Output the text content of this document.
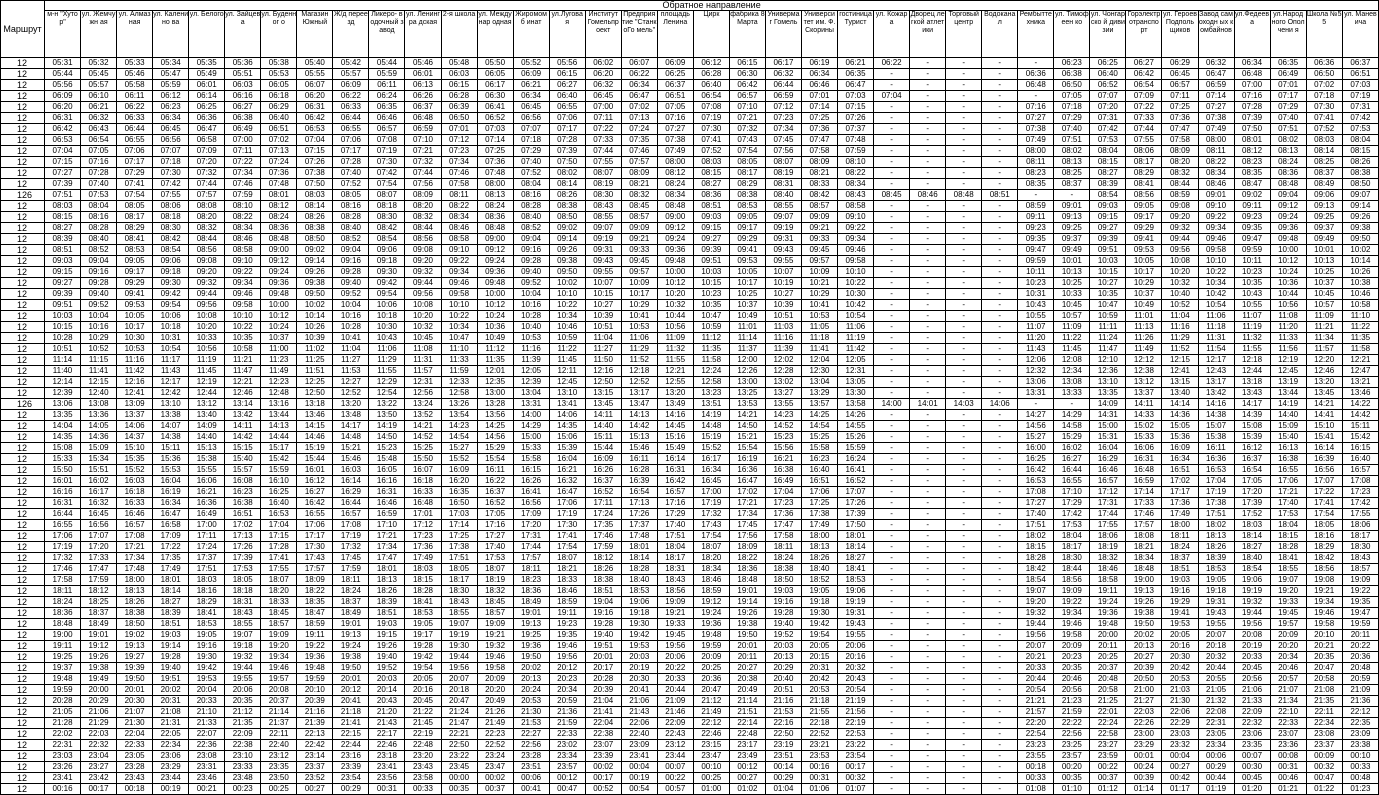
Маршрут	Обратное направление																																				
	м-н "Хутор"	ул. Жемчужн ая	ул. Алмазная	ул. Каленино ва	ул. Белого	ул. Зайцева	ул. Буденног о	Магазин Южный	Ж/д переезд	Ликеро- водочный завод	ул. Ленингра дская	2-я школа	ул. Междунар одная	Жиромомб инат	ул.Луговa я	Институт Гомельпр оект	Предприя тие "СтанкоГо мель"	площадь Ленина	Цирк	фабрика 8 Марта	Универма г Гомель	Универси тет им. Ф. Скорины	гостиница Турист	ул. Кожара	Дворец легкой атлетики	Торговый центр	Водокана л	Рембытте хника	ул. Тимофеен ко	ул. Чонгарско й дивизии	Горэлектр отранспо рт	ул. Героев Подполь щиков	Завод самоходн ых комбайнов	ул.Федеев а	ул.Народ ного Ополчени я	Школа №55	ул. Маневича
12	05:31	05:32	05:33	05:34	05:35	05:36	05:38	05:40	05:42	05:44	05:46	05:48	05:50	05:52	05:56	06:02	06:07	06:09	06:12	06:15	06:17	06:19	06:21	06:22	-	-	-	-	06:23	06:25	06:27	06:29	06:32	06:34	06:35	06:36	06:37
12	05:44	05:45	05:46	05:47	05:49	05:51	05:53	05:55	05:57	05:59	06:01	06:03	06:05	06:09	06:15	06:20	06:22	06:25	06:28	06:30	06:32	06:34	06:35	-	-	-	-	06:36	06:38	06:40	06:42	06:45	06:47	06:48	06:49	06:50	06:51
12	05:56	05:57	05:58	05:59	06:01	06:03	06:05	06:07	06:09	06:11	06:13	06:15	06:17	06:21	06:27	06:32	06:34	06:37	06:40	06:42	06:44	06:46	06:47	-	-	-	-	06:48	06:50	06:52	06:54	06:57	06:59	07:00	07:01	07:02	07:03
12	06:09	06:10	06:11	06:12	06:14	06:16	06:18	06:20	06:22	06:24	06:26	06:28	06:30	06:34	06:40	06:45	06:47	06:51	06:54	06:57	06:59	07:01	07:03	07:04	-	-	-	-	07:05	07:07	07:09	07:11	07:14	07:16	07:17	07:18	07:19
12	06:20	06:21	06:22	06:23	06:25	06:27	06:29	06:31	06:33	06:35	06:37	06:39	06:41	06:45	06:55	07:00	07:02	07:05	07:08	07:10	07:12	07:14	07:15	-	-	-	-	07:16	07:18	07:20	07:22	07:25	07:27	07:28	07:29	07:30	07:31
12	06:31	06:32	06:33	06:34	06:36	06:38	06:40	06:42	06:44	06:46	06:48	06:50	06:52	06:56	07:06	07:11	07:13	07:16	07:19	07:21	07:23	07:25	07:26	-	-	-	-	07:27	07:29	07:31	07:33	07:36	07:38	07:39	07:40	07:41	07:42
12	06:42	06:43	06:44	06:45	06:47	06:49	06:51	06:53	06:55	06:57	06:59	07:01	07:03	07:07	07:17	07:22	07:24	07:27	07:30	07:32	07:34	07:36	07:37	-	-	-	-	07:38	07:40	07:42	07:44	07:47	07:49	07:50	07:51	07:52	07:53
12	06:53	06:54	06:55	06:56	06:58	07:00	07:02	07:04	07:06	07:08	07:10	07:12	07:14	07:18	07:28	07:33	07:35	07:38	07:41	07:43	07:45	07:47	07:48	-	-	-	-	07:49	07:51	07:53	07:55	07:58	08:00	08:01	08:02	08:03	08:04
12	07:04	07:05	07:06	07:07	07:09	07:11	07:13	07:15	07:17	07:19	07:21	07:23	07:25	07:29	07:39	07:44	07:46	07:49	07:52	07:54	07:56	07:58	07:59	-	-	-	-	08:00	08:02	08:04	08:06	08:09	08:11	08:12	08:13	08:14	08:15
12	07:15	07:16	07:17	07:18	07:20	07:22	07:24	07:26	07:28	07:30	07:32	07:34	07:36	07:40	07:50	07:55	07:57	08:00	08:03	08:05	08:07	08:09	08:10	-	-	-	-	08:11	08:13	08:15	08:17	08:20	08:22	08:23	08:24	08:25	08:26
12	07:27	07:28	07:29	07:30	07:32	07:34	07:36	07:38	07:40	07:42	07:44	07:46	07:48	07:52	08:02	08:07	08:09	08:12	08:15	08:17	08:19	08:21	08:22	-	-	-	-	08:23	08:25	08:27	08:29	08:32	08:34	08:35	08:36	08:37	08:38
12	07:39	07:40	07:41	07:42	07:44	07:46	07:48	07:50	07:52	07:54	07:56	07:58	08:00	08:04	08:14	08:19	08:21	08:24	08:27	08:29	08:31	08:33	08:34	-	-	-	-	08:35	08:37	08:39	08:41	08:44	08:46	08:47	08:48	08:49	08:50
126	07:51	07:53	07:54	07:55	07:57	07:59	08:01	08:03	08:05	08:07	08:09	08:11	08:13	08:16	08:26	08:30	08:32	08:34	08:36	08:38	08:40	08:42	08:43	08:45	08:46	08:48	08:51	-	-	08:54	08:56	08:59	09:01	09:02	09:04	09:06	09:07
12	08:03	08:04	08:05	08:06	08:08	08:10	08:12	08:14	08:16	08:18	08:20	08:22	08:24	08:28	08:38	08:43	08:45	08:48	08:51	08:53	08:55	08:57	08:58	-	-	-	-	08:59	09:01	09:03	09:05	09:08	09:10	09:11	09:12	09:13	09:14
12	08:15	08:16	08:17	08:18	08:20	08:22	08:24	08:26	08:28	08:30	08:32	08:34	08:36	08:40	08:50	08:55	08:57	09:00	09:03	09:05	09:07	09:09	09:10	-	-	-	-	09:11	09:13	09:15	09:17	09:20	09:22	09:23	09:24	09:25	09:26
12	08:27	08:28	08:29	08:30	08:32	08:34	08:36	08:38	08:40	08:42	08:44	08:46	08:48	08:52	09:02	09:07	09:09	09:12	09:15	09:17	09:19	09:21	09:22	-	-	-	-	09:23	09:25	09:27	09:29	09:32	09:34	09:35	09:36	09:37	09:38
12	08:39	08:40	08:41	08:42	08:44	08:46	08:48	08:50	08:52	08:54	08:56	08:58	09:00	09:04	09:14	09:19	09:21	09:24	09:27	09:29	09:31	09:33	09:34	-	-	-	-	09:35	09:37	09:39	09:41	09:44	09:46	09:47	09:48	09:49	09:50
12	08:51	08:52	08:53	08:54	08:56	08:58	09:00	09:02	09:04	09:06	09:08	09:10	09:12	09:16	09:26	09:31	09:33	09:36	09:39	09:41	09:43	09:45	09:46	-	-	-	-	09:47	09:49	09:51	09:53	09:56	09:58	09:59	10:00	10:01	10:02
12	09:03	09:04	09:05	09:06	09:08	09:10	09:12	09:14	09:16	09:18	09:20	09:22	09:24	09:28	09:38	09:43	09:45	09:48	09:51	09:53	09:55	09:57	09:58	-	-	-	-	09:59	10:01	10:03	10:05	10:08	10:10	10:11	10:12	10:13	10:14
12	09:15	09:16	09:17	09:18	09:20	09:22	09:24	09:26	09:28	09:30	09:32	09:34	09:36	09:40	09:50	09:55	09:57	10:00	10:03	10:05	10:07	10:09	10:10	-	-	-	-	10:11	10:13	10:15	10:17	10:20	10:22	10:23	10:24	10:25	10:26
12	09:27	09:28	09:29	09:30	09:32	09:34	09:36	09:38	09:40	09:42	09:44	09:46	09:48	09:52	10:02	10:07	10:09	10:12	10:15	10:17	10:19	10:21	10:22	-	-	-	-	10:23	10:25	10:27	10:29	10:32	10:34	10:35	10:36	10:37	10:38
12	09:39	09:40	09:41	09:42	09:44	09:46	09:48	09:50	09:52	09:54	09:56	09:58	10:00	10:04	10:10	10:15	10:17	10:20	10:23	10:25	10:27	10:29	10:30	-	-	-	-	10:31	10:33	10:35	10:37	10:40	10:42	10:43	10:44	10:45	10:46
12	09:51	09:52	09:53	09:54	09:56	09:58	10:00	10:02	10:04	10:06	10:08	10:10	10:12	10:16	10:22	10:27	10:29	10:32	10:35	10:37	10:39	10:41	10:42	-	-	-	-	10:43	10:45	10:47	10:49	10:52	10:54	10:55	10:56	10:57	10:58
12	10:03	10:04	10:05	10:06	10:08	10:10	10:12	10:14	10:16	10:18	10:20	10:22	10:24	10:28	10:34	10:39	10:41	10:44	10:47	10:49	10:51	10:53	10:54	-	-	-	-	10:55	10:57	10:59	11:01	11:04	11:06	11:07	11:08	11:09	11:10
12	10:15	10:16	10:17	10:18	10:20	10:22	10:24	10:26	10:28	10:30	10:32	10:34	10:36	10:40	10:46	10:51	10:53	10:56	10:59	11:01	11:03	11:05	11:06	-	-	-	-	11:07	11:09	11:11	11:13	11:16	11:18	11:19	11:20	11:21	11:22
12	10:28	10:29	10:30	10:31	10:33	10:35	10:37	10:39	10:41	10:43	10:45	10:47	10:49	10:53	10:59	11:04	11:06	11:09	11:12	11:14	11:16	11:18	11:19	-	-	-	-	11:20	11:22	11:24	11:26	11:29	11:31	11:32	11:33	11:34	11:35
12	10:51	10:52	10:53	10:54	10:56	10:58	11:00	11:02	11:04	11:06	11:08	11:10	11:12	11:16	11:22	11:27	11:29	11:32	11:35	11:37	11:39	11:41	11:42	-	-	-	-	11:43	11:45	11:47	11:49	11:52	11:54	11:55	11:56	11:57	11:58
12	11:14	11:15	11:16	11:17	11:19	11:21	11:23	11:25	11:27	11:29	11:31	11:33	11:35	11:39	11:45	11:50	11:52	11:55	11:58	12:00	12:02	12:04	12:05	-	-	-	-	12:06	12:08	12:10	12:12	12:15	12:17	12:18	12:19	12:20	12:21
12	11:40	11:41	11:42	11:43	11:45	11:47	11:49	11:51	11:53	11:55	11:57	11:59	12:01	12:05	12:11	12:16	12:18	12:21	12:24	12:26	12:28	12:30	12:31	-	-	-	-	12:32	12:34	12:36	12:38	12:41	12:43	12:44	12:45	12:46	12:47
12	12:14	12:15	12:16	12:17	12:19	12:21	12:23	12:25	12:27	12:29	12:31	12:33	12:35	12:39	12:45	12:50	12:52	12:55	12:58	13:00	13:02	13:04	13:05	-	-	-	-	13:06	13:08	13:10	13:12	13:15	13:17	13:18	13:19	13:20	13:21
12	12:39	12:40	12:41	12:42	12:44	12:46	12:48	12:50	12:52	12:54	12:56	12:58	13:00	13:04	13:10	13:15	13:17	13:20	13:23	13:25	13:27	13:29	13:30	-	-	-	-	13:31	13:33	13:35	13:37	13:40	13:42	13:43	13:44	13:45	13:46
126	13:06	13:08	13:09	13:10	13:12	13:14	13:16	13:18	13:20	13:22	13:24	13:26	13:28	13:31	13:41	13:45	13:47	13:49	13:51	13:53	13:55	13:57	13:58	14:00	14:01	14:03	14:06	-	-	14:09	14:11	14:14	14:16	14:17	14:19	14:21	14:22
12	13:35	13:36	13:37	13:38	13:40	13:42	13:44	13:46	13:48	13:50	13:52	13:54	13:56	14:00	14:06	14:11	14:13	14:16	14:19	14:21	14:23	14:25	14:26	-	-	-	-	14:27	14:29	14:31	14:33	14:36	14:38	14:39	14:40	14:41	14:42
12	14:04	14:05	14:06	14:07	14:09	14:11	14:13	14:15	14:17	14:19	14:21	14:23	14:25	14:29	14:35	14:40	14:42	14:45	14:48	14:50	14:52	14:54	14:55	-	-	-	-	14:56	14:58	15:00	15:02	15:05	15:07	15:08	15:09	15:10	15:11
12	14:35	14:36	14:37	14:38	14:40	14:42	14:44	14:46	14:48	14:50	14:52	14:54	14:56	15:00	15:06	15:11	15:13	15:16	15:19	15:21	15:23	15:25	15:26	-	-	-	-	15:27	15:29	15:31	15:33	15:36	15:38	15:39	15:40	15:41	15:42
12	15:08	15:09	15:10	15:11	15:13	15:15	15:17	15:19	15:21	15:23	15:25	15:27	15:29	15:33	15:39	15:44	15:46	15:49	15:52	15:54	15:56	15:58	15:59	-	-	-	-	16:00	16:02	16:04	16:06	16:09	16:11	16:12	16:13	16:14	16:15
12	15:33	15:34	15:35	15:36	15:38	15:40	15:42	15:44	15:46	15:48	15:50	15:52	15:54	15:58	16:04	16:09	16:11	16:14	16:17	16:19	16:21	16:23	16:24	-	-	-	-	16:25	16:27	16:29	16:31	16:34	16:36	16:37	16:38	16:39	16:40
12	15:50	15:51	15:52	15:53	15:55	15:57	15:59	16:01	16:03	16:05	16:07	16:09	16:11	16:15	16:21	16:26	16:28	16:31	16:34	16:36	16:38	16:40	16:41	-	-	-	-	16:42	16:44	16:46	16:48	16:51	16:53	16:54	16:55	16:56	16:57
12	16:01	16:02	16:03	16:04	16:06	16:08	16:10	16:12	16:14	16:16	16:18	16:20	16:22	16:26	16:32	16:37	16:39	16:42	16:45	16:47	16:49	16:51	16:52	-	-	-	-	16:53	16:55	16:57	16:59	17:02	17:04	17:05	17:06	17:07	17:08
12	16:16	16:17	16:18	16:19	16:21	16:23	16:25	16:27	16:29	16:31	16:33	16:35	16:37	16:41	16:47	16:52	16:54	16:57	17:00	17:02	17:04	17:06	17:07	-	-	-	-	17:08	17:10	17:12	17:14	17:17	17:19	17:20	17:21	17:22	17:23
12	16:31	16:32	16:33	16:34	16:36	16:38	16:40	16:42	16:44	16:46	16:48	16:50	16:52	16:56	17:06	17:11	17:13	17:16	17:19	17:21	17:23	17:25	17:26	-	-	-	-	17:27	17:29	17:31	17:33	17:36	17:38	17:39	17:40	17:41	17:42
12	16:44	16:45	16:46	16:47	16:49	16:51	16:53	16:55	16:57	16:59	17:01	17:03	17:05	17:09	17:19	17:24	17:26	17:29	17:32	17:34	17:36	17:38	17:39	-	-	-	-	17:40	17:42	17:44	17:46	17:49	17:51	17:52	17:53	17:54	17:55
12	16:55	16:56	16:57	16:58	17:00	17:02	17:04	17:06	17:08	17:10	17:12	17:14	17:16	17:20	17:30	17:35	17:37	17:40	17:43	17:45	17:47	17:49	17:50	-	-	-	-	17:51	17:53	17:55	17:57	18:00	18:02	18:03	18:04	18:05	18:06
12	17:06	17:07	17:08	17:09	17:11	17:13	17:15	17:17	17:19	17:21	17:23	17:25	17:27	17:31	17:41	17:46	17:48	17:51	17:54	17:56	17:58	18:00	18:01	-	-	-	-	18:02	18:04	18:06	18:08	18:11	18:13	18:14	18:15	18:16	18:17
12	17:19	17:20	17:21	17:22	17:24	17:26	17:28	17:30	17:32	17:34	17:36	17:38	17:40	17:44	17:54	17:59	18:01	18:04	18:07	18:09	18:11	18:13	18:14	-	-	-	-	18:15	18:17	18:19	18:21	18:24	18:26	18:27	18:28	18:29	18:30
12	17:32	17:33	17:34	17:35	17:37	17:39	17:41	17:43	17:45	17:47	17:49	17:51	17:53	17:57	18:07	18:12	18:14	18:17	18:20	18:22	18:24	18:26	18:27	-	-	-	-	18:28	18:30	18:32	18:34	18:37	18:39	18:40	18:41	18:42	18:43
12	17:46	17:47	17:48	17:49	17:51	17:53	17:55	17:57	17:59	18:01	18:03	18:05	18:07	18:11	18:21	18:26	18:28	18:31	18:34	18:36	18:38	18:40	18:41	-	-	-	-	18:42	18:44	18:46	18:48	18:51	18:53	18:54	18:55	18:56	18:57
12	17:58	17:59	18:00	18:01	18:03	18:05	18:07	18:09	18:11	18:13	18:15	18:17	18:19	18:23	18:33	18:38	18:40	18:43	18:46	18:48	18:50	18:52	18:53	-	-	-	-	18:54	18:56	18:58	19:00	19:03	19:05	19:06	19:07	19:08	19:09
12	18:11	18:12	18:13	18:14	18:16	18:18	18:20	18:22	18:24	18:26	18:28	18:30	18:32	18:36	18:46	18:51	18:53	18:56	18:59	19:01	19:03	19:05	19:06	-	-	-	-	19:07	19:09	19:11	19:13	19:16	19:18	19:19	19:20	19:21	19:22
12	18:24	18:25	18:26	18:27	18:29	18:31	18:33	18:35	18:37	18:39	18:41	18:43	18:45	18:49	18:59	19:04	19:06	19:09	19:12	19:14	19:16	19:18	19:19	-	-	-	-	19:20	19:22	19:24	19:26	19:29	19:31	19:32	19:33	19:34	19:35
12	18:36	18:37	18:38	18:39	18:41	18:43	18:45	18:47	18:49	18:51	18:53	18:55	18:57	19:01	19:11	19:16	19:18	19:21	19:24	19:26	19:28	19:30	19:31	-	-	-	-	19:32	19:34	19:36	19:38	19:41	19:43	19:44	19:45	19:46	19:47
12	18:48	18:49	18:50	18:51	18:53	18:55	18:57	18:59	19:01	19:03	19:05	19:07	19:09	19:13	19:23	19:28	19:30	19:33	19:36	19:38	19:40	19:42	19:43	-	-	-	-	19:44	19:46	19:48	19:50	19:53	19:55	19:56	19:57	19:58	19:59
12	19:00	19:01	19:02	19:03	19:05	19:07	19:09	19:11	19:13	19:15	19:17	19:19	19:21	19:25	19:35	19:40	19:42	19:45	19:48	19:50	19:52	19:54	19:55	-	-	-	-	19:56	19:58	20:00	20:02	20:05	20:07	20:08	20:09	20:10	20:11
12	19:11	19:12	19:13	19:14	19:16	19:18	19:20	19:22	19:24	19:26	19:28	19:30	19:32	19:36	19:46	19:51	19:53	19:56	19:59	20:01	20:03	20:05	20:06	-	-	-	-	20:07	20:09	20:11	20:13	20:16	20:18	20:19	20:20	20:21	20:22
12	19:25	19:26	19:27	19:28	19:30	19:32	19:34	19:36	19:38	19:40	19:42	19:44	19:46	19:50	19:56	20:01	20:03	20:06	20:09	20:11	20:13	20:15	20:16	-	-	-	-	20:21	20:23	20:25	20:27	20:30	20:32	20:33	20:34	20:35	20:36
12	19:37	19:38	19:39	19:40	19:42	19:44	19:46	19:48	19:50	19:52	19:54	19:56	19:58	20:02	20:12	20:17	20:19	20:22	20:25	20:27	20:29	20:31	20:32	-	-	-	-	20:33	20:35	20:37	20:39	20:42	20:44	20:45	20:46	20:47	20:48
12	19:48	19:49	19:50	19:51	19:53	19:55	19:57	19:59	20:01	20:03	20:05	20:07	20:09	20:13	20:23	20:28	20:30	20:33	20:36	20:38	20:40	20:42	20:43	-	-	-	-	20:44	20:46	20:48	20:50	20:53	20:55	20:56	20:57	20:58	20:59
12	19:59	20:00	20:01	20:02	20:04	20:06	20:08	20:10	20:12	20:14	20:16	20:18	20:20	20:24	20:34	20:39	20:41	20:44	20:47	20:49	20:51	20:53	20:54	-	-	-	-	20:54	20:56	20:58	21:00	21:03	21:05	21:06	21:07	21:08	21:09
12	20:28	20:29	20:30	20:31	20:33	20:35	20:37	20:39	20:41	20:43	20:45	20:47	20:49	20:53	20:59	21:04	21:06	21:09	21:12	21:14	21:16	21:18	21:19	-	-	-	-	21:21	21:23	21:25	21:27	21:30	21:32	21:33	21:34	21:35	21:36
12	21:05	21:06	21:07	21:08	21:10	21:12	21:14	21:16	21:18	21:20	21:22	21:24	21:26	21:30	21:36	21:41	21:43	21:46	21:49	21:51	21:53	21:55	21:56	-	-	-	-	21:57	21:59	22:01	22:03	22:06	22:08	22:09	22:10	22:11	22:12
12	21:28	21:29	21:30	21:31	21:33	21:35	21:37	21:39	21:41	21:43	21:45	21:47	21:49	21:53	21:59	22:04	22:06	22:09	22:12	22:14	22:16	22:18	22:19	-	-	-	-	22:20	22:22	22:24	22:26	22:29	22:31	22:32	22:33	22:34	22:35
12	22:02	22:03	22:04	22:05	22:07	22:09	22:11	22:13	22:15	22:17	22:19	22:21	22:23	22:27	22:33	22:38	22:40	22:43	22:46	22:48	22:50	22:52	22:53	-	-	-	-	22:54	22:56	22:58	23:00	23:03	23:05	23:06	23:07	23:08	23:09
12	22:31	22:32	22:33	22:34	22:36	22:38	22:40	22:42	22:44	22:46	22:48	22:50	22:52	22:56	23:02	23:07	23:09	23:12	23:15	23:17	23:19	23:21	23:22	-	-	-	-	23:23	23:25	23:27	23:29	23:32	23:34	23:35	23:36	23:37	23:38
12	23:03	23:04	23:05	23:06	23:08	23:10	23:12	23:14	23:16	23:18	23:20	23:22	23:24	23:28	23:34	23:39	23:41	23:44	23:47	23:49	23:51	23:53	23:54	-	-	-	-	23:55	23:57	23:59	00:01	00:04	00:06	00:07	00:08	00:09	00:10
12	23:26	23:27	23:28	23:29	23:31	23:33	23:35	23:37	23:39	23:41	23:43	23:45	23:47	23:51	23:57	00:02	00:04	00:07	00:10	00:12	00:14	00:16	00:17	-	-	-	-	00:18	00:20	00:22	00:24	00:27	00:29	00:30	00:31	00:32	00:33
12	23:41	23:42	23:43	23:44	23:46	23:48	23:50	23:52	23:54	23:56	23:58	00:00	00:02	00:06	00:12	00:17	00:19	00:22	00:25	00:27	00:29	00:31	00:32	-	-	-	-	00:33	00:35	00:37	00:39	00:42	00:44	00:45	00:46	00:47	00:48
12	00:16	00:17	00:18	00:19	00:21	00:23	00:25	00:27	00:29	00:31	00:33	00:35	00:37	00:41	00:47	00:52	00:54	00:57	01:00	01:02	01:04	01:06	01:07	-	-	-	-	01:08	01:10	01:12	01:14	01:17	01:19	01:20	01:21	01:22	01:23
